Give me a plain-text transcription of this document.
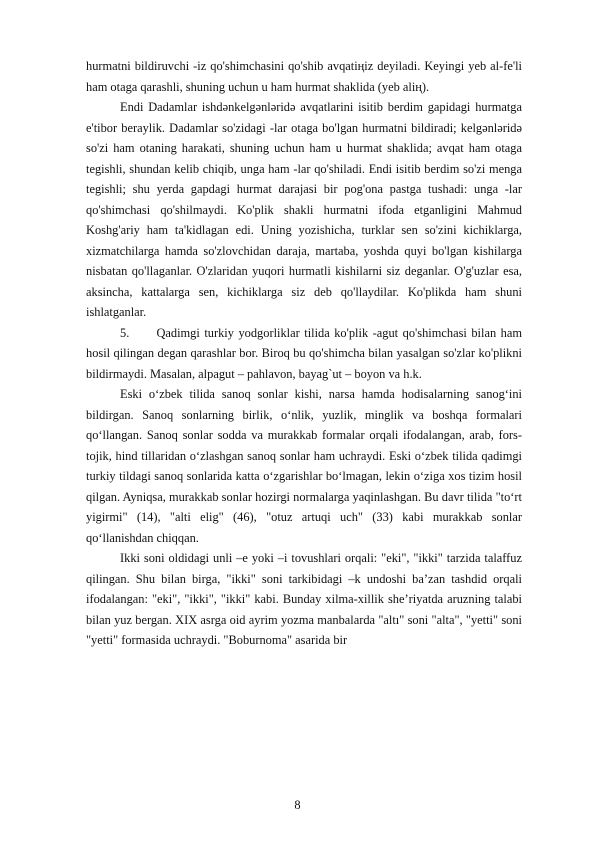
hurmatni bildiruvchi -iz qo'shimchasini qo'shib avqatiңiz deyiladi. Keyingi yeb al-fe'li ham otaga qarashli, shuning uchun u ham hurmat shaklida (yeb aliң).

Endi Dadamlar ishdənkelgənləridə avqatlarini isitib berdim gapidagi hurmatga e'tibor beraylik. Dadamlar so'zidagi -lar otaga bo'lgan hurmatni bildiradi; kelgənləridə so'zi ham otaning harakati, shuning uchun ham u hurmat shaklida; avqat ham otaga tegishli, shundan kelib chiqib, unga ham -lar qo'shiladi. Endi isitib berdim so'zi menga tegishli; shu yerda gapdagi hurmat darajasi bir pog'ona pastga tushadi: unga -lar qo'shimchasi qo'shilmaydi. Ko'plik shakli hurmatni ifoda etganligini Mahmud Koshg'ariy ham ta'kidlagan edi. Uning yozishicha, turklar sen so'zini kichiklarga, xizmatchilarga hamda so'zlovchidan daraja, martaba, yoshda quyi bo'lgan kishilarga nisbatan qo'llaganlar. O'zlaridan yuqori hurmatli kishilarni siz deganlar. O'g'uzlar esa, aksincha, kattalarga sen, kichiklarga siz deb qo'llaydilar. Ko'plikda ham shuni ishlatganlar.

5.      Qadimgi turkiy yodgorliklar tilida ko'plik -agut qo'shimchasi bilan ham hosil qilingan degan qarashlar bor. Biroq bu qo'shimcha bilan yasalgan so'zlar ko'plikni bildirmaydi. Masalan, alpagut – pahlavon, bayag`ut – boyon va h.k.

Eski o‘zbek tilida sanoq sonlar kishi, narsa hamda hodisalarning sanog‘ini bildirgan. Sanoq sonlarning birlik, o‘nlik, yuzlik, minglik va boshqa formalari qo‘llangan. Sanoq sonlar sodda va murakkab formalar orqali ifodalangan, arab, fors-tojik, hind tillaridan o‘zlashgan sanoq sonlar ham uchraydi. Eski o‘zbek tilida qadimgi turkiy tildagi sanoq sonlarida katta o‘zgarishlar bo‘lmagan, lekin o‘ziga xos tizim hosil qilgan. Ayniqsa, murakkab sonlar hozirgi normalarga yaqinlashgan. Bu davr tilida "to‘rt yigirmi" (14), "alti elig" (46), "otuz artuqi uch" (33) kabi murakkab sonlar qo‘llanishdan chiqqan.

Ikki soni oldidagi unli –e yoki –i tovushlari orqali: "eki", "ikki" tarzida talaffuz qilingan. Shu bilan birga, "ikki" soni tarkibidagi –k undoshi ba’zan tashdid orqali ifodalangan: "eki", "ikki", "ikki" kabi. Bunday xilma-xillik she’riyatda aruzning talabi bilan yuz bergan. XIX asrga oid ayrim yozma manbalarda "altı" soni "alta", "yetti" soni "yetti" formasida uchraydi. "Boburnoma" asarida bir

8
